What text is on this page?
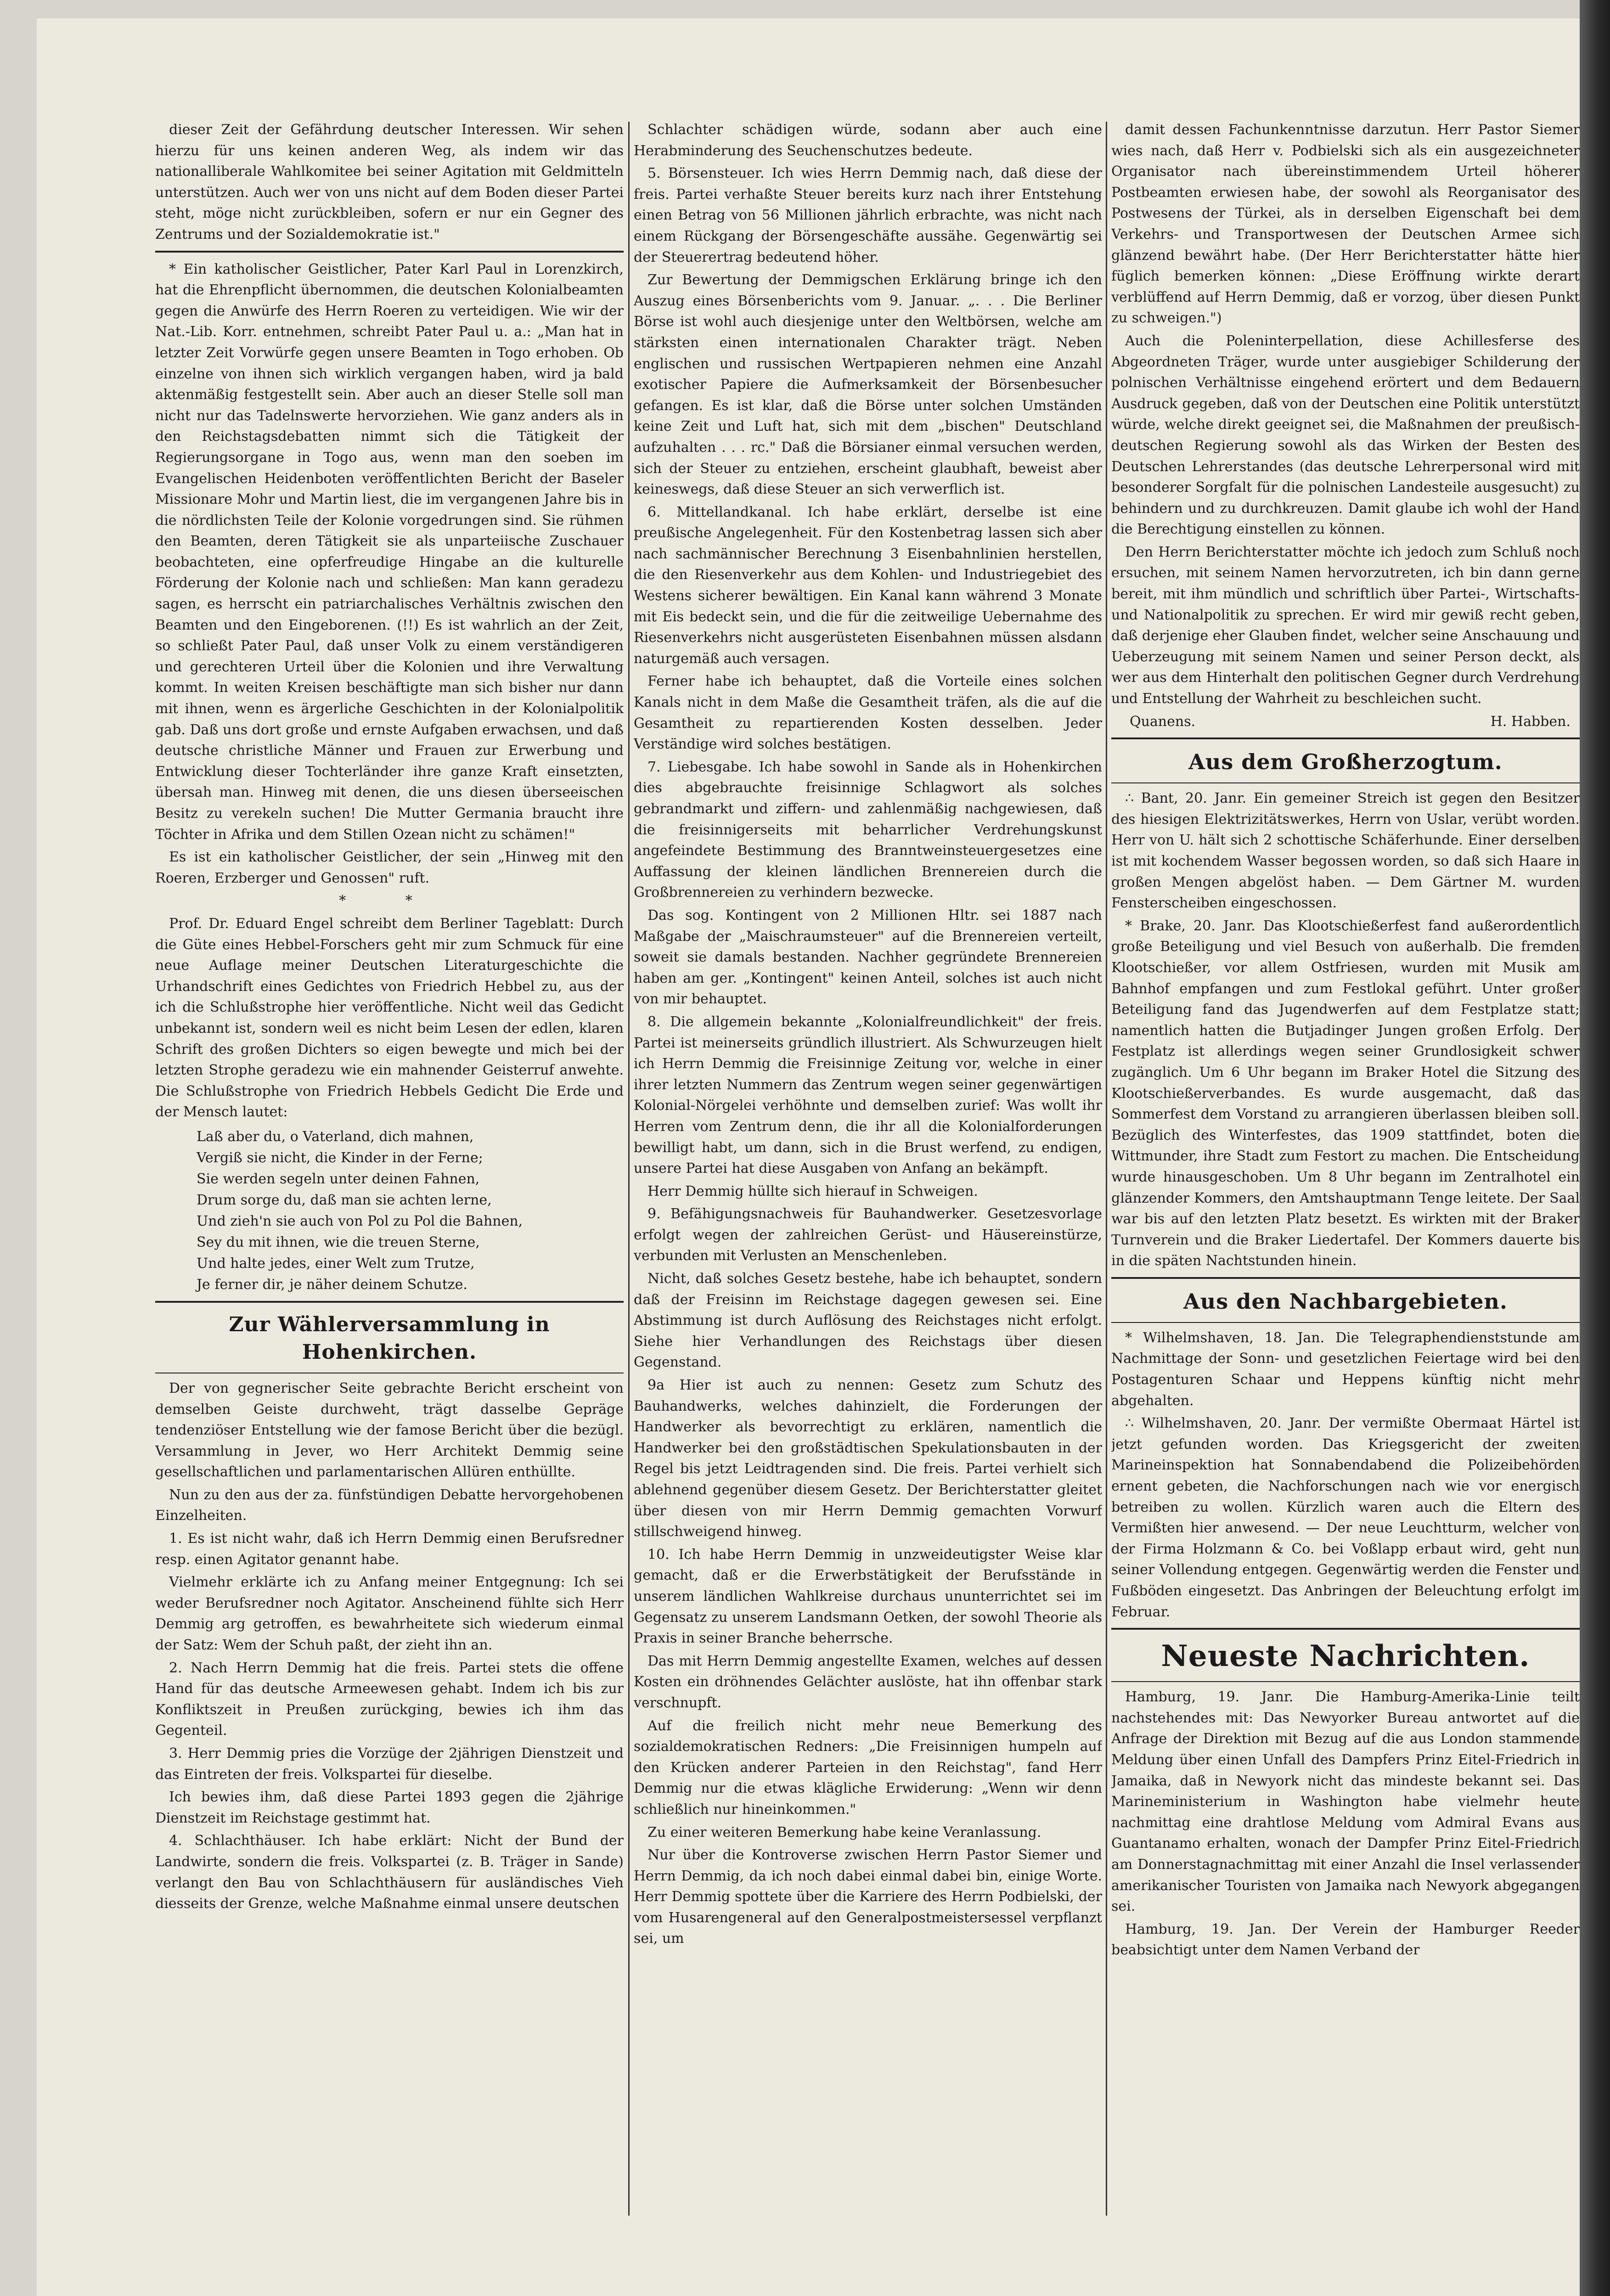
dieser Zeit der Gefährdung deutscher Interessen. Wir sehen hierzu für uns keinen anderen Weg, als indem wir das nationalliberale Wahlkomitee bei seiner Agitation mit Geldmitteln unterstützen. Auch wer von uns nicht auf dem Boden dieser Partei steht, möge nicht zurückbleiben, sofern er nur ein Gegner des Zentrums und der Sozialdemokratie ist."

* Ein katholischer Geistlicher, Pater Karl Paul in Lorenzkirch, hat die Ehrenpflicht übernommen, die deutschen Kolonialbeamten gegen die Anwürfe des Herrn Roeren zu verteidigen. Wie wir der Nat.-Lib. Korr. entnehmen, schreibt Pater Paul u. a.: „Man hat in letzter Zeit Vorwürfe gegen unsere Beamten in Togo erhoben. Ob einzelne von ihnen sich wirklich vergangen haben, wird ja bald aktenmäßig festgestellt sein. Aber auch an dieser Stelle soll man nicht nur das Tadelnswerte hervorziehen. Wie ganz anders als in den Reichstagsdebatten nimmt sich die Tätigkeit der Regierungsorgane in Togo aus, wenn man den soeben im Evangelischen Heidenboten veröffentlichten Bericht der Baseler Missionare Mohr und Martin liest, die im vergangenen Jahre bis in die nördlichsten Teile der Kolonie vorgedrungen sind. Sie rühmen den Beamten, deren Tätigkeit sie als unparteiische Zuschauer beobachteten, eine opferfreudige Hingabe an die kulturelle Förderung der Kolonie nach und schließen: Man kann geradezu sagen, es herrscht ein patriarchalisches Verhältnis zwischen den Beamten und den Eingeborenen. (!!) Es ist wahrlich an der Zeit, so schließt Pater Paul, daß unser Volk zu einem verständigeren und gerechteren Urteil über die Kolonien und ihre Verwaltung kommt. In weiten Kreisen beschäftigte man sich bisher nur dann mit ihnen, wenn es ärgerliche Geschichten in der Kolonialpolitik gab. Daß uns dort große und ernste Aufgaben erwachsen, und daß deutsche christliche Männer und Frauen zur Erwerbung und Entwicklung dieser Tochterländer ihre ganze Kraft einsetzten, übersah man. Hinweg mit denen, die uns diesen überseeischen Besitz zu verekeln suchen! Die Mutter Germania braucht ihre Töchter in Afrika und dem Stillen Ozean nicht zu schämen!"

Es ist ein katholischer Geistlicher, der sein „Hinweg mit den Roeren, Erzberger und Genossen" ruft.

* *

Prof. Dr. Eduard Engel schreibt dem Berliner Tageblatt: Durch die Güte eines Hebbel-Forschers geht mir zum Schmuck für eine neue Auflage meiner Deutschen Literaturgeschichte die Urhandschrift eines Gedichtes von Friedrich Hebbel zu, aus der ich die Schlußstrophe hier veröffentliche. Nicht weil das Gedicht unbekannt ist, sondern weil es nicht beim Lesen der edlen, klaren Schrift des großen Dichters so eigen bewegte und mich bei der letzten Strophe geradezu wie ein mahnender Geisterruf anwehte. Die Schlußstrophe von Friedrich Hebbels Gedicht Die Erde und der Mensch lautet:

Laß aber du, o Vaterland, dich mahnen,
Vergiß sie nicht, die Kinder in der Ferne;
Sie werden segeln unter deinen Fahnen,
Drum sorge du, daß man sie achten lerne,
Und zieh'n sie auch von Pol zu Pol die Bahnen,
Sey du mit ihnen, wie die treuen Sterne,
Und halte jedes, einer Welt zum Trutze,
Je ferner dir, je näher deinem Schutze.
Zur Wählerversammlung in Hohenkirchen.

Der von gegnerischer Seite gebrachte Bericht erscheint von demselben Geiste durchweht, trägt dasselbe Gepräge tendenziöser Entstellung wie der famose Bericht über die bezügl. Versammlung in Jever, wo Herr Architekt Demmig seine gesellschaftlichen und parlamentarischen Allüren enthüllte.

Nun zu den aus der za. fünfstündigen Debatte hervorgehobenen Einzelheiten.

1. Es ist nicht wahr, daß ich Herrn Demmig einen Berufsredner resp. einen Agitator genannt habe.

Vielmehr erklärte ich zu Anfang meiner Entgegnung: Ich sei weder Berufsredner noch Agitator. Anscheinend fühlte sich Herr Demmig arg getroffen, es bewahrheitete sich wiederum einmal der Satz: Wem der Schuh paßt, der zieht ihn an.

2. Nach Herrn Demmig hat die freis. Partei stets die offene Hand für das deutsche Armeewesen gehabt. Indem ich bis zur Konfliktszeit in Preußen zurückging, bewies ich ihm das Gegenteil.

3. Herr Demmig pries die Vorzüge der 2jährigen Dienstzeit und das Eintreten der freis. Volkspartei für dieselbe.

Ich bewies ihm, daß diese Partei 1893 gegen die 2jährige Dienstzeit im Reichstage gestimmt hat.

4. Schlachthäuser. Ich habe erklärt: Nicht der Bund der Landwirte, sondern die freis. Volkspartei (z. B. Träger in Sande) verlangt den Bau von Schlachthäusern für ausländisches Vieh diesseits der Grenze, welche Maßnahme einmal unsere deutschen

Schlachter schädigen würde, sodann aber auch eine Herabminderung des Seuchenschutzes bedeute.

5. Börsensteuer. Ich wies Herrn Demmig nach, daß diese der freis. Partei verhaßte Steuer bereits kurz nach ihrer Entstehung einen Betrag von 56 Millionen jährlich erbrachte, was nicht nach einem Rückgang der Börsengeschäfte aussähe. Gegenwärtig sei der Steuerertrag bedeutend höher.

Zur Bewertung der Demmigschen Erklärung bringe ich den Auszug eines Börsenberichts vom 9. Januar. „. . . Die Berliner Börse ist wohl auch diesjenige unter den Weltbörsen, welche am stärksten einen internationalen Charakter trägt. Neben englischen und russischen Wertpapieren nehmen eine Anzahl exotischer Papiere die Aufmerksamkeit der Börsenbesucher gefangen. Es ist klar, daß die Börse unter solchen Umständen keine Zeit und Luft hat, sich mit dem „bischen" Deutschland aufzuhalten . . . rc." Daß die Börsianer einmal versuchen werden, sich der Steuer zu entziehen, erscheint glaubhaft, beweist aber keineswegs, daß diese Steuer an sich verwerflich ist.

6. Mittellandkanal. Ich habe erklärt, derselbe ist eine preußische Angelegenheit. Für den Kostenbetrag lassen sich aber nach sachmännischer Berechnung 3 Eisenbahnlinien herstellen, die den Riesenverkehr aus dem Kohlen- und Industriegebiet des Westens sicherer bewältigen. Ein Kanal kann während 3 Monate mit Eis bedeckt sein, und die für die zeitweilige Uebernahme des Riesenverkehrs nicht ausgerüsteten Eisenbahnen müssen alsdann naturgemäß auch versagen.

Ferner habe ich behauptet, daß die Vorteile eines solchen Kanals nicht in dem Maße die Gesamtheit träfen, als die auf die Gesamtheit zu repartierenden Kosten desselben. Jeder Verständige wird solches bestätigen.

7. Liebesgabe. Ich habe sowohl in Sande als in Hohenkirchen dies abgebrauchte freisinnige Schlagwort als solches gebrandmarkt und ziffern- und zahlenmäßig nachgewiesen, daß die freisinnigerseits mit beharrlicher Verdrehungskunst angefeindete Bestimmung des Branntweinsteuergesetzes eine Auffassung der kleinen ländlichen Brennereien durch die Großbrennereien zu verhindern bezwecke.

Das sog. Kontingent von 2 Millionen Hltr. sei 1887 nach Maßgabe der „Maischraumsteuer" auf die Brennereien verteilt, soweit sie damals bestanden. Nachher gegründete Brennereien haben am ger. „Kontingent" keinen Anteil, solches ist auch nicht von mir behauptet.

8. Die allgemein bekannte „Kolonialfreundlichkeit" der freis. Partei ist meinerseits gründlich illustriert. Als Schwurzeugen hielt ich Herrn Demmig die Freisinnige Zeitung vor, welche in einer ihrer letzten Nummern das Zentrum wegen seiner gegenwärtigen Kolonial-Nörgelei verhöhnte und demselben zurief: Was wollt ihr Herren vom Zentrum denn, die ihr all die Kolonialforderungen bewilligt habt, um dann, sich in die Brust werfend, zu endigen, unsere Partei hat diese Ausgaben von Anfang an bekämpft.

Herr Demmig hüllte sich hierauf in Schweigen.

9. Befähigungsnachweis für Bauhandwerker. Gesetzesvorlage erfolgt wegen der zahlreichen Gerüst- und Häusereinstürze, verbunden mit Verlusten an Menschenleben.

Nicht, daß solches Gesetz bestehe, habe ich behauptet, sondern daß der Freisinn im Reichstage dagegen gewesen sei. Eine Abstimmung ist durch Auflösung des Reichstages nicht erfolgt. Siehe hier Verhandlungen des Reichstags über diesen Gegenstand.

9a Hier ist auch zu nennen: Gesetz zum Schutz des Bauhandwerks, welches dahinzielt, die Forderungen der Handwerker als bevorrechtigt zu erklären, namentlich die Handwerker bei den großstädtischen Spekulationsbauten in der Regel bis jetzt Leidtragenden sind. Die freis. Partei verhielt sich ablehnend gegenüber diesem Gesetz. Der Berichterstatter gleitet über diesen von mir Herrn Demmig gemachten Vorwurf stillschweigend hinweg.

10. Ich habe Herrn Demmig in unzweideutigster Weise klar gemacht, daß er die Erwerbstätigkeit der Berufsstände in unserem ländlichen Wahlkreise durchaus ununterrichtet sei im Gegensatz zu unserem Landsmann Oetken, der sowohl Theorie als Praxis in seiner Branche beherrsche.

Das mit Herrn Demmig angestellte Examen, welches auf dessen Kosten ein dröhnendes Gelächter auslöste, hat ihn offenbar stark verschnupft.

Auf die freilich nicht mehr neue Bemerkung des sozialdemokratischen Redners: „Die Freisinnigen humpeln auf den Krücken anderer Parteien in den Reichstag", fand Herr Demmig nur die etwas klägliche Erwiderung: „Wenn wir denn schließlich nur hineinkommen."

Zu einer weiteren Bemerkung habe keine Veranlassung.

Nur über die Kontroverse zwischen Herrn Pastor Siemer und Herrn Demmig, da ich noch dabei einmal dabei bin, einige Worte. Herr Demmig spottete über die Karriere des Herrn Podbielski, der vom Husarengeneral auf den Generalpostmeistersessel verpflanzt sei, um

damit dessen Fachunkenntnisse darzutun. Herr Pastor Siemer wies nach, daß Herr v. Podbielski sich als ein ausgezeichneter Organisator nach übereinstimmendem Urteil höherer Postbeamten erwiesen habe, der sowohl als Reorganisator des Postwesens der Türkei, als in derselben Eigenschaft bei dem Verkehrs- und Transportwesen der Deutschen Armee sich glänzend bewährt habe. (Der Herr Berichterstatter hätte hier füglich bemerken können: „Diese Eröffnung wirkte derart verblüffend auf Herrn Demmig, daß er vorzog, über diesen Punkt zu schweigen.")

Auch die Poleninterpellation, diese Achillesferse des Abgeordneten Träger, wurde unter ausgiebiger Schilderung der polnischen Verhältnisse eingehend erörtert und dem Bedauern Ausdruck gegeben, daß von der Deutschen eine Politik unterstützt würde, welche direkt geeignet sei, die Maßnahmen der preußisch-deutschen Regierung sowohl als das Wirken der Besten des Deutschen Lehrerstandes (das deutsche Lehrerpersonal wird mit besonderer Sorgfalt für die polnischen Landesteile ausgesucht) zu behindern und zu durchkreuzen. Damit glaube ich wohl der Hand die Berechtigung einstellen zu können.

Den Herrn Berichterstatter möchte ich jedoch zum Schluß noch ersuchen, mit seinem Namen hervorzutreten, ich bin dann gerne bereit, mit ihm mündlich und schriftlich über Partei-, Wirtschafts- und Nationalpolitik zu sprechen. Er wird mir gewiß recht geben, daß derjenige eher Glauben findet, welcher seine Anschauung und Ueberzeugung mit seinem Namen und seiner Person deckt, als wer aus dem Hinterhalt den politischen Gegner durch Verdrehung und Entstellung der Wahrheit zu beschleichen sucht.

Quanens.	H. Habben.
Aus dem Großherzogtum.

∴ Bant, 20. Janr. Ein gemeiner Streich ist gegen den Besitzer des hiesigen Elektrizitätswerkes, Herrn von Uslar, verübt worden. Herr von U. hält sich 2 schottische Schäferhunde. Einer derselben ist mit kochendem Wasser begossen worden, so daß sich Haare in großen Mengen abgelöst haben. — Dem Gärtner M. wurden Fensterscheiben eingeschossen.

* Brake, 20. Janr. Das Klootschießerfest fand außerordentlich große Beteiligung und viel Besuch von außerhalb. Die fremden Klootschießer, vor allem Ostfriesen, wurden mit Musik am Bahnhof empfangen und zum Festlokal geführt. Unter großer Beteiligung fand das Jugendwerfen auf dem Festplatze statt; namentlich hatten die Butjadinger Jungen großen Erfolg. Der Festplatz ist allerdings wegen seiner Grundlosigkeit schwer zugänglich. Um 6 Uhr begann im Braker Hotel die Sitzung des Klootschießerverbandes. Es wurde ausgemacht, daß das Sommerfest dem Vorstand zu arrangieren überlassen bleiben soll. Bezüglich des Winterfestes, das 1909 stattfindet, boten die Wittmunder, ihre Stadt zum Festort zu machen. Die Entscheidung wurde hinausgeschoben. Um 8 Uhr begann im Zentralhotel ein glänzender Kommers, den Amtshauptmann Tenge leitete. Der Saal war bis auf den letzten Platz besetzt. Es wirkten mit der Braker Turnverein und die Braker Liedertafel. Der Kommers dauerte bis in die späten Nachtstunden hinein.

Aus den Nachbargebieten.

* Wilhelmshaven, 18. Jan. Die Telegraphendienststunde am Nachmittage der Sonn- und gesetzlichen Feiertage wird bei den Postagenturen Schaar und Heppens künftig nicht mehr abgehalten.

∴ Wilhelmshaven, 20. Janr. Der vermißte Obermaat Härtel ist jetzt gefunden worden. Das Kriegsgericht der zweiten Marineinspektion hat Sonnabendabend die Polizeibehörden ernent gebeten, die Nachforschungen nach wie vor energisch betreiben zu wollen. Kürzlich waren auch die Eltern des Vermißten hier anwesend. — Der neue Leuchtturm, welcher von der Firma Holzmann & Co. bei Voßlapp erbaut wird, geht nun seiner Vollendung entgegen. Gegenwärtig werden die Fenster und Fußböden eingesetzt. Das Anbringen der Beleuchtung erfolgt im Februar.

Neueste Nachrichten.

Hamburg, 19. Janr. Die Hamburg-Amerika-Linie teilt nachstehendes mit: Das Newyorker Bureau antwortet auf die Anfrage der Direktion mit Bezug auf die aus London stammende Meldung über einen Unfall des Dampfers Prinz Eitel-Friedrich in Jamaika, daß in Newyork nicht das mindeste bekannt sei. Das Marineministerium in Washington habe vielmehr heute nachmittag eine drahtlose Meldung vom Admiral Evans aus Guantanamo erhalten, wonach der Dampfer Prinz Eitel-Friedrich am Donnerstagnachmittag mit einer Anzahl die Insel verlassender amerikanischer Touristen von Jamaika nach Newyork abgegangen sei.

Hamburg, 19. Jan. Der Verein der Hamburger Reeder beabsichtigt unter dem Namen Verband der
